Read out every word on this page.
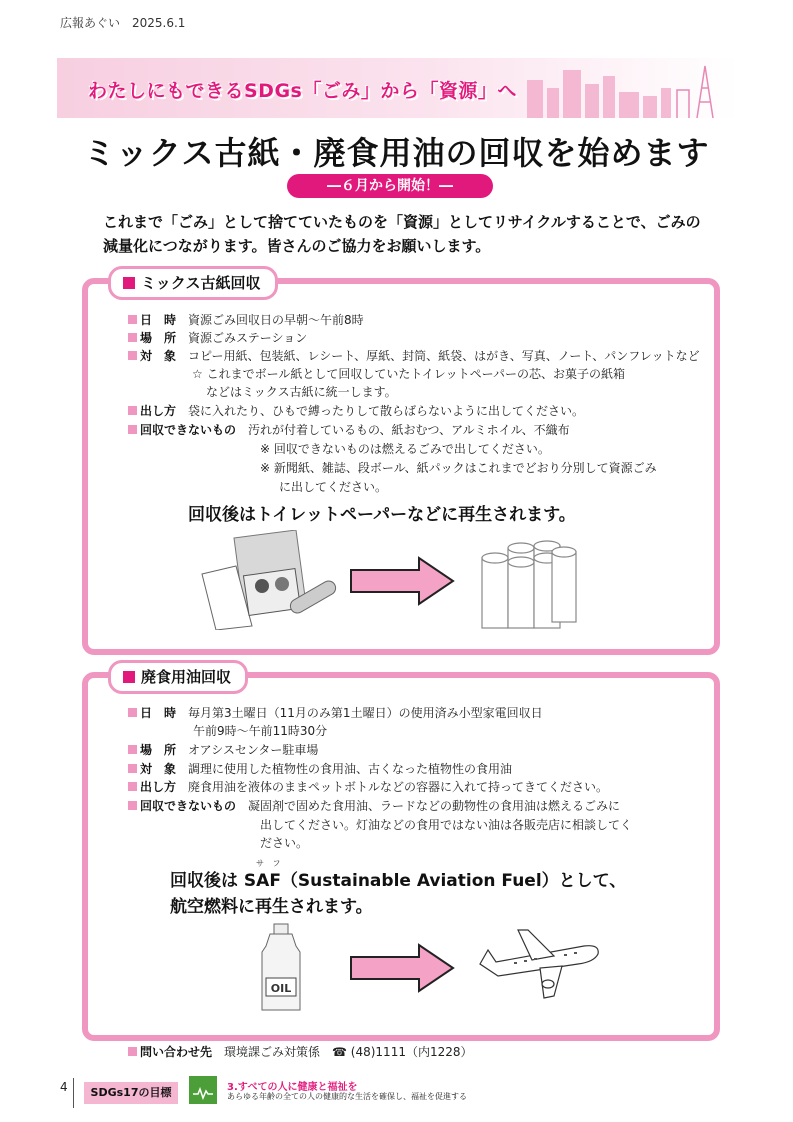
広報あぐい　2025.6.1
わたしにもできるSDGs「ごみ」から「資源」へ
ミックス古紙・廃食用油の回収を始めます
―６月から開始！―
これまで「ごみ」として捨てていたものを「資源」としてリサイクルすることで、ごみの
減量化につながります。皆さんのご協力をお願いします。
ミックス古紙回収
日　時　 資源ごみ回収日の早朝～午前8時
場　所　 資源ごみステーション
対　象　 コピー用紙、包装紙、レシート、厚紙、封筒、紙袋、はがき、写真、ノート、パンフレットなど
☆ これまでボール紙として回収していたトイレットペーパーの芯、お菓子の紙箱
などはミックス古紙に統一します。
出し方　 袋に入れたり、ひもで縛ったりして散らばらないように出してください。
回収できないもの　 汚れが付着しているもの、紙おむつ、アルミホイル、不織布
※ 回収できないものは燃えるごみで出してください。
※ 新聞紙、雑誌、段ボール、紙パックはこれまでどおり分別して資源ごみ
に出してください。
回収後はトイレットペーパーなどに再生されます。
廃食用油回収
日　時　 毎月第3土曜日（11月のみ第1土曜日）の使用済み小型家電回収日
午前9時～午前11時30分
場　所　 オアシスセンター駐車場
対　象　 調理に使用した植物性の食用油、古くなった植物性の食用油
出し方　 廃食用油を液体のままペットボトルなどの容器に入れて持ってきてください。
回収できないもの　 凝固剤で固めた食用油、ラードなどの動物性の食用油は燃えるごみに
出してください。灯油などの食用ではない油は各販売店に相談してく
ださい。
サ フ
回収後は SAF（Sustainable Aviation Fuel）として、
航空燃料に再生されます。
OIL
問い合わせ先　 環境課ごみ対策係　☎ (48)1111（内1228）
4	SDGs17の目標	3.すべての人に健康と福祉を
あらゆる年齢の全ての人の健康的な生活を確保し、福祉を促進する
